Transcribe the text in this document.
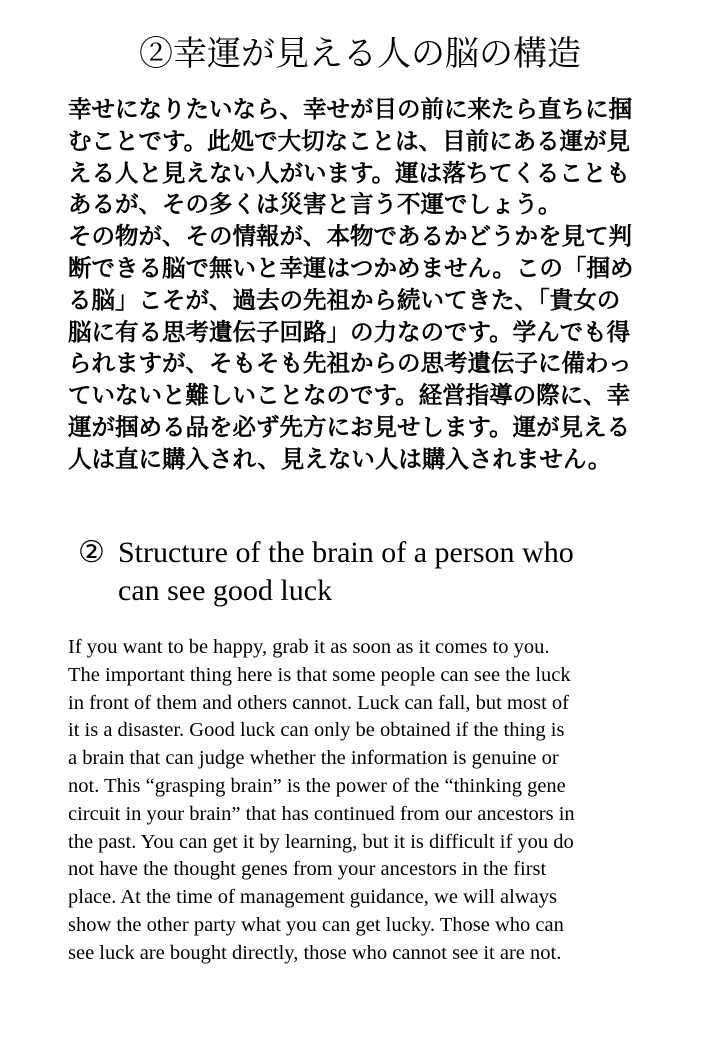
②幸運が見える人の脳の構造

幸せになりたいなら、幸せが目の前に来たら直ちに掴

むことです。此処で大切なことは、目前にある運が見

える人と見えない人がいます。運は落ちてくることも

あるが、その多くは災害と言う不運でしょう。

その物が、その情報が、本物であるかどうかを見て判

断できる脳で無いと幸運はつかめません。この「掴め

る脳」こそが、過去の先祖から続いてきた、「貴女の

脳に有る思考遺伝子回路」の力なのです。学んでも得

られますが、そもそも先祖からの思考遺伝子に備わっ

ていないと難しいことなのです。経営指導の際に、幸

運が掴める品を必ず先方にお見せします。運が見える

人は直に購入され、見えない人は購入されません。

② Structure of the brain of a person who
can see good luck

If you want to be happy, grab it as soon as it comes to you.

The important thing here is that some people can see the luck

in front of them and others cannot. Luck can fall, but most of

it is a disaster. Good luck can only be obtained if the thing is

a brain that can judge whether the information is genuine or

not. This “grasping brain” is the power of the “thinking gene

circuit in your brain” that has continued from our ancestors in

the past. You can get it by learning, but it is difficult if you do

not have the thought genes from your ancestors in the first

place. At the time of management guidance, we will always

show the other party what you can get lucky. Those who can

see luck are bought directly, those who cannot see it are not.
